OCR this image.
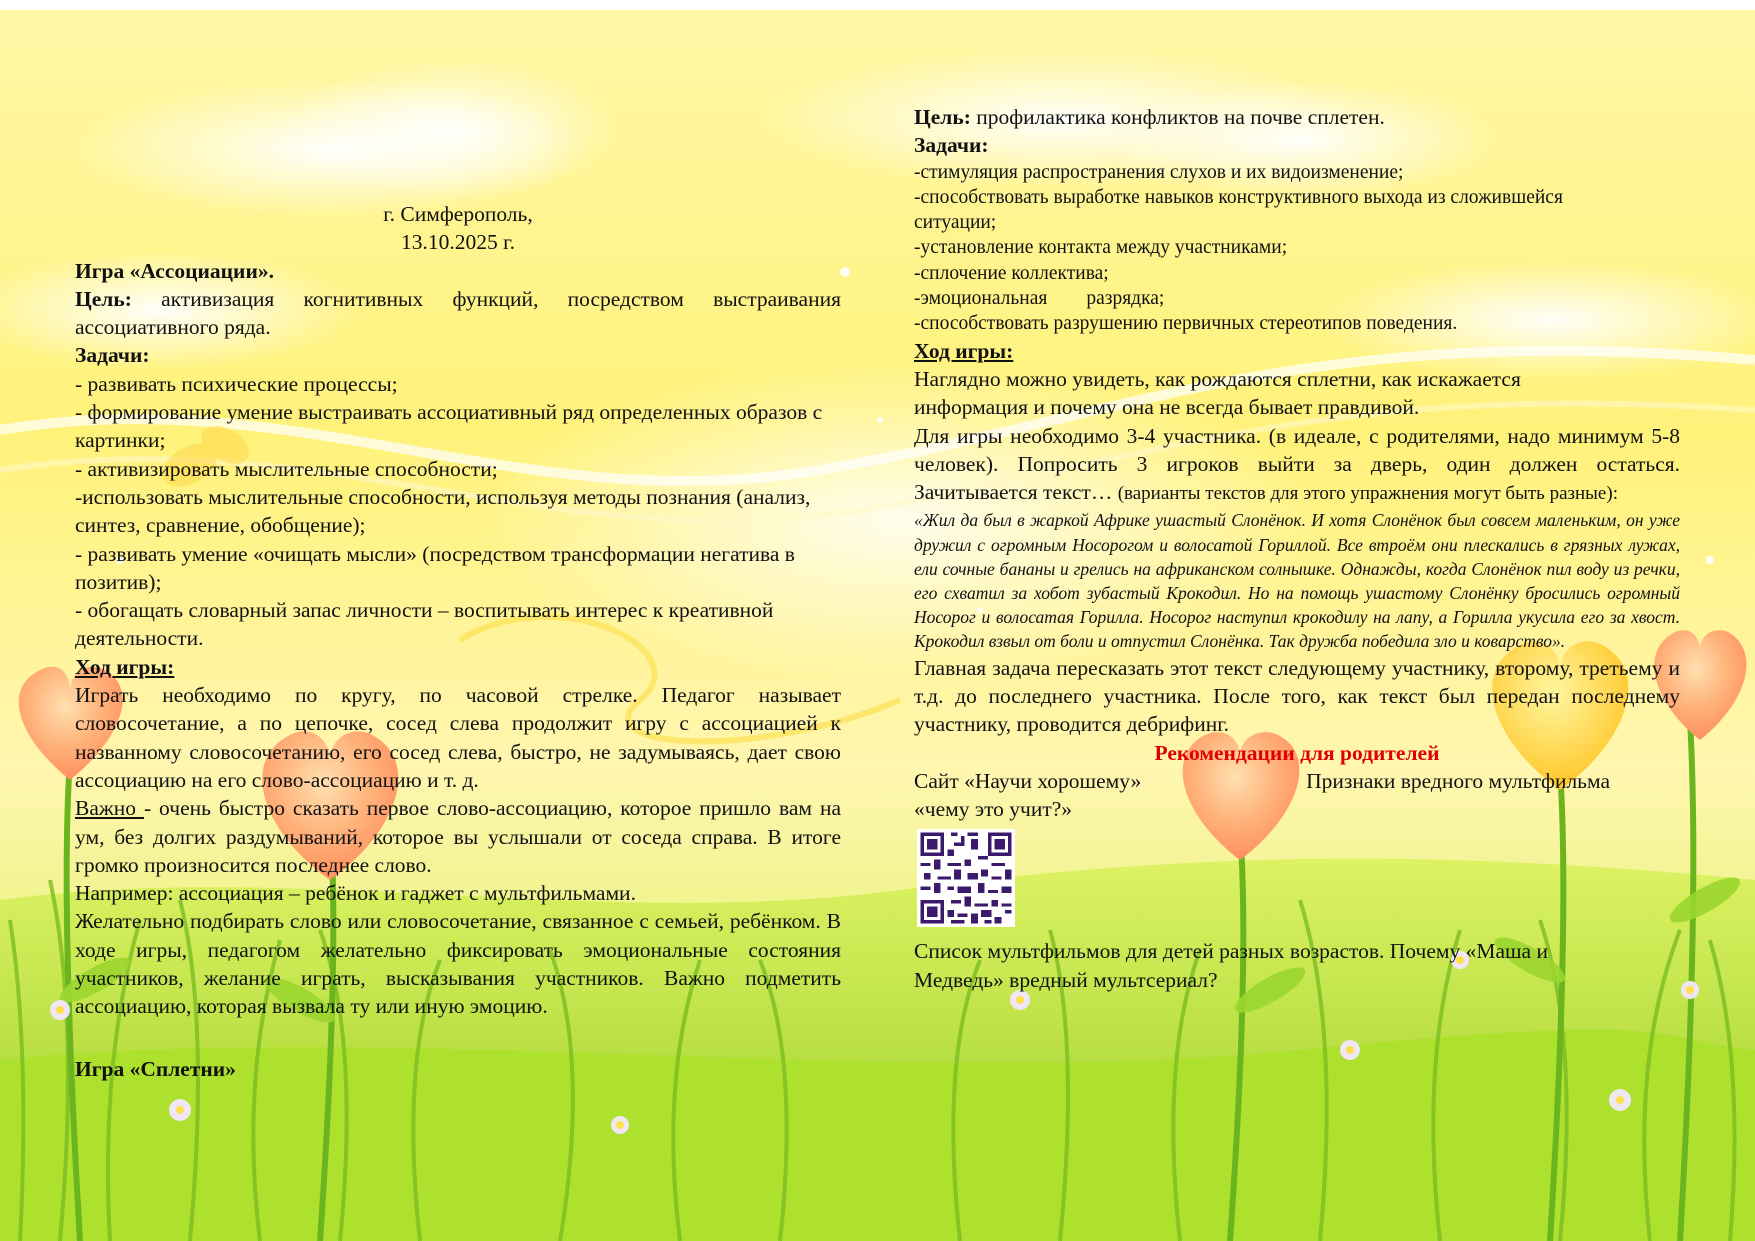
г. Симферополь,

13.10.2025 г.

Игра «Ассоциации».

Цель: активизация когнитивных функций, посредством выстраивания ассоциативного ряда.

Задачи:

- развивать психические процессы;

- формирование умение выстраивать ассоциативный ряд определенных образов с картинки;

- активизировать мыслительные способности;

-использовать мыслительные способности, используя методы познания (анализ, синтез, сравнение, обобщение);

- развивать умение «очищать мысли» (посредством трансформации негатива в позитив);

- обогащать словарный запас личности – воспитывать интерес к креативной деятельности.

Ход игры:

Играть необходимо по кругу, по часовой стрелке. Педагог называет словосочетание, а по цепочке, сосед слева продолжит игру с ассоциацией к названному словосочетанию, его сосед слева, быстро, не задумываясь, дает свою ассоциацию на его слово-ассоциацию и т. д.

Важно - очень быстро сказать первое слово-ассоциацию, которое пришло вам на ум, без долгих раздумываний, которое вы услышали от соседа справа. В итоге громко произносится последнее слово.

Например: ассоциация – ребёнок и гаджет с мультфильмами.

Желательно подбирать слово или словосочетание, связанное с семьей, ребёнком. В ходе игры, педагогом желательно фиксировать эмоциональные состояния участников, желание играть, высказывания участников. Важно подметить ассоциацию, которая вызвала ту или иную эмоцию.

Игра «Сплетни»

Цель: профилактика конфликтов на почве сплетен.

Задачи:

-стимуляция распространения слухов и их видоизменение;

-способствовать выработке навыков конструктивного выхода из сложившейся ситуации;

-установление контакта между участниками;

-сплочение коллектива;

-эмоциональная        разрядка;

-способствовать разрушению первичных стереотипов поведения.

Ход игры:

Наглядно можно увидеть, как рождаются сплетни, как искажается информация и почему она не всегда бывает правдивой.

Для игры необходимо 3-4 участника. (в идеале, с родителями, надо минимум 5-8 человек). Попросить 3 игроков выйти за дверь, один должен остаться. Зачитывается текст… (варианты текстов для этого упражнения могут быть разные):

«Жил да был в жаркой Африке ушастый Слонёнок. И хотя Слонёнок был совсем маленьким, он уже дружил с огромным Носорогом и волосатой Гориллой. Все втроём они плескались в грязных лужах, ели сочные бананы и грелись на африканском солнышке. Однажды, когда Слонёнок пил воду из речки, его схватил за хобот зубастый Крокодил. Но на помощь ушастому Слонёнку бросились огромный Носорог и волосатая Горилла. Носорог наступил крокодилу на лапу, а Горилла укусила его за хвост. Крокодил взвыл от боли и отпустил Слонёнка. Так дружба победила зло и коварство».

Главная задача пересказать этот текст следующему участнику, второму, третьему и т.д. до последнего участника. После того, как текст был передан последнему участнику, проводится дебрифинг.

Рекомендации для родителей

Сайт «Научи хорошему»	Признаки вредного мультфильма

«чему это учит?»

Список мультфильмов для детей разных возрастов. Почему «Маша и Медведь» вредный мультсериал?
